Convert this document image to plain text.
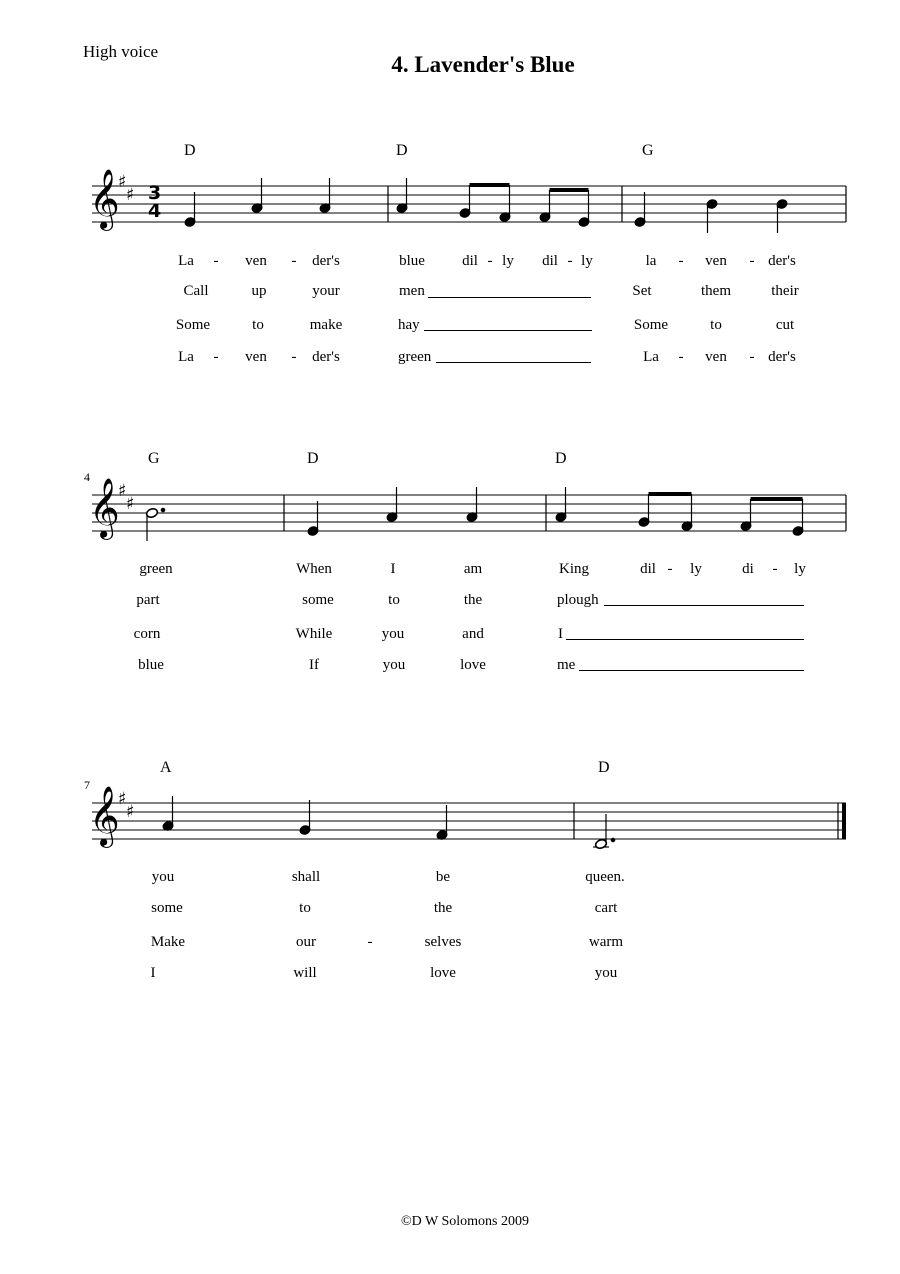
High voice
4. Lavender's Blue
D	D	G
𝄞
♯
♯ 3
4
La - ven - der's	blue dil - ly dil - ly	la - ven - der's
Call	up	your	men	Set	them	their
Some	to	make	hay	Some	to	cut
La - ven - der's	green	La - ven - der's
4
G	D	D
𝄞
♯
♯
green	When	I	am	King	dil - ly	di - ly
part	some	to	the	plough
corn	While	you	and	I
blue	If	you	love	me
7
A	D
𝄞
♯
♯
you	shall	be	queen.
some	to	the	cart
Make	our	-	selves	warm
I	will	love	you
©D W Solomons 2009
